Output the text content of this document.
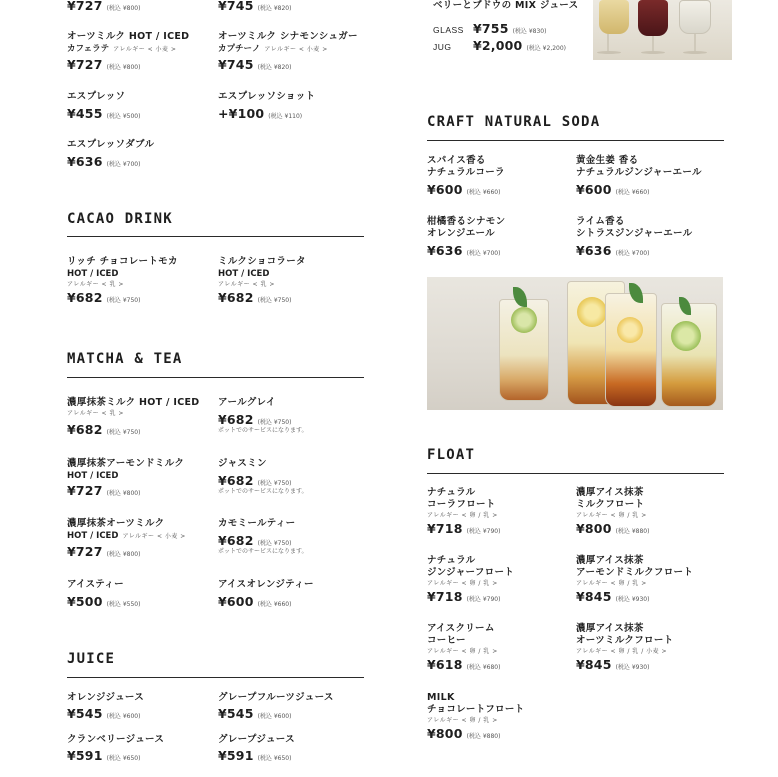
¥727 (税込 ¥800)	¥745 (税込 ¥820)
オーツミルク HOT / ICED
カフェラテ アレルギー < 小麦 >
¥727 (税込 ¥800)
オーツミルク シナモンシュガー
カプチーノ アレルギー < 小麦 >
¥745 (税込 ¥820)
エスプレッソ
¥455 (税込 ¥500)
エスプレッソショット
+¥100 (税込 ¥110)
エスプレッソダブル
¥636 (税込 ¥700)
CACAO DRINK
リッチ チョコレートモカ
HOT / ICED
アレルギー < 乳 >
¥682 (税込 ¥750)
ミルクショコラータ
HOT / ICED
アレルギー < 乳 >
¥682 (税込 ¥750)
MATCHA & TEA
濃厚抹茶ミルク HOT / ICED
アレルギー < 乳 >
¥682 (税込 ¥750)
アールグレイ
¥682 (税込 ¥750)
ポットでのサービスになります。
濃厚抹茶アーモンドミルク
HOT / ICED
¥727 (税込 ¥800)
ジャスミン
¥682 (税込 ¥750)
ポットでのサービスになります。
濃厚抹茶オーツミルク
HOT / ICED アレルギー < 小麦 >
¥727 (税込 ¥800)
カモミールティー
¥682 (税込 ¥750)
ポットでのサービスになります。
アイスティー
¥500 (税込 ¥550)
アイスオレンジティー
¥600 (税込 ¥660)
JUICE
オレンジジュース
¥545 (税込 ¥600)
グレープフルーツジュース
¥545 (税込 ¥600)
クランベリージュース
¥591 (税込 ¥650)
グレープジュース
¥591 (税込 ¥650)
ベリーとブドウの MIX ジュース
GLASS ¥755 (税込 ¥830)
JUG	¥2,000 (税込 ¥2,200)
CRAFT NATURAL SODA
スパイス香る
ナチュラルコーラ
¥600 (税込 ¥660)
黄金生姜 香る
ナチュラルジンジャーエール
¥600 (税込 ¥660)
柑橘香るシナモン
オレンジエール
¥636 (税込 ¥700)
ライム香る
シトラスジンジャーエール
¥636 (税込 ¥700)
FLOAT
ナチュラル
コーラフロート
アレルギー < 卵 / 乳 >
¥718 (税込 ¥790)
濃厚アイス抹茶
ミルクフロート
アレルギー < 卵 / 乳 >
¥800 (税込 ¥880)
ナチュラル
ジンジャーフロート
アレルギー < 卵 / 乳 >
¥718 (税込 ¥790)
濃厚アイス抹茶
アーモンドミルクフロート
アレルギー < 卵 / 乳 >
¥845 (税込 ¥930)
アイスクリーム
コーヒー
アレルギー < 卵 / 乳 >
¥618 (税込 ¥680)
濃厚アイス抹茶
オーツミルクフロート
アレルギー < 卵 / 乳 / 小麦 >
¥845 (税込 ¥930)
MILK
チョコレートフロート
アレルギー < 卵 / 乳 >
¥800 (税込 ¥880)
